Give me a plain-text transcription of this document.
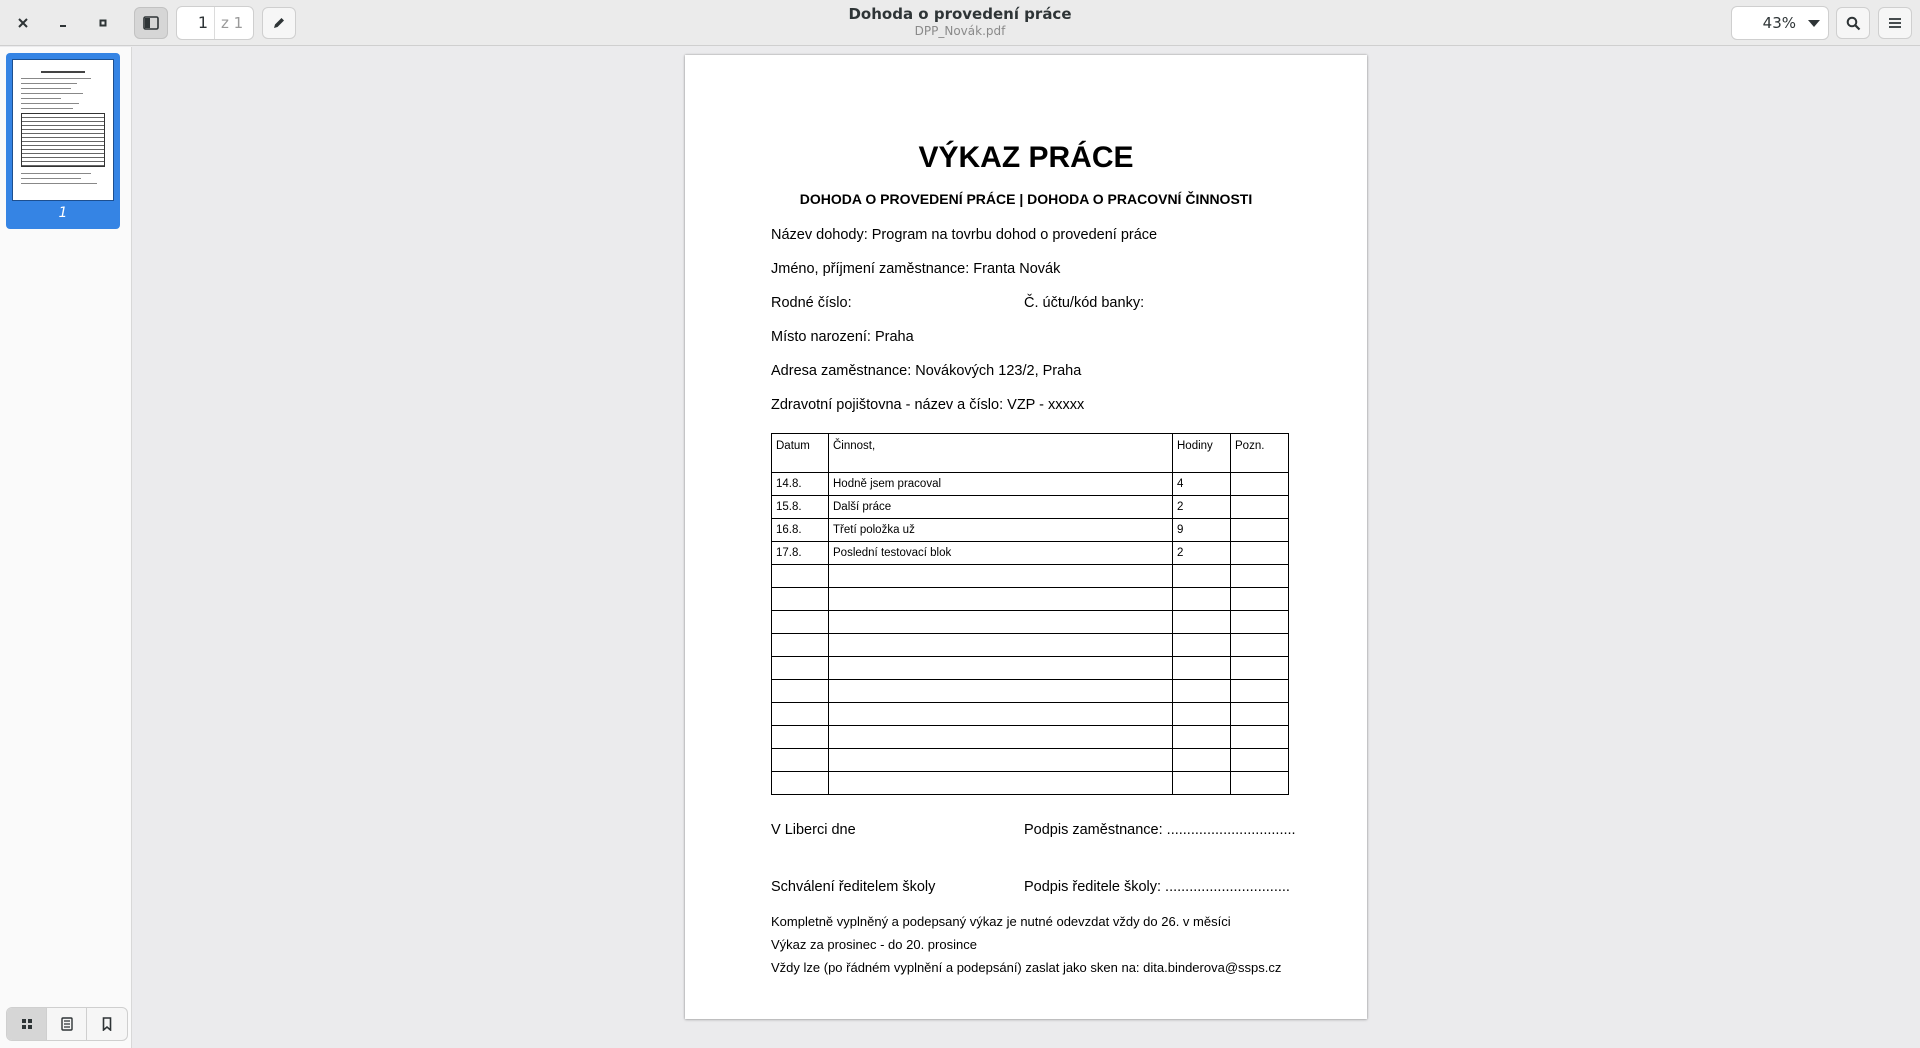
1 z 1	Dohoda o provedení práce
DPP_Novák.pdf	43%
1
VÝKAZ PRÁCE
DOHODA O PROVEDENÍ PRÁCE | DOHODA O PRACOVNÍ ČINNOSTI
Název dohody: Program na tovrbu dohod o provedení práce
Jméno, příjmení zaměstnance: Franta Novák
Rodné číslo:	Č. účtu/kód banky:
Místo narození: Praha
Adresa zaměstnance: Novákových 123/2, Praha
Zdravotní pojištovna - název a číslo: VZP - xxxxx
Datum	Činnost,	Hodiny	Pozn.
14.8.	Hodně jsem pracoval	4	
15.8.	Další práce	2	
16.8.	Třetí položka už	9	
17.8.	Poslední testovací blok	2	

V Liberci dne	Podpis zaměstnance: ................................
Schválení ředitelem školy	Podpis ředitele školy: ...............................
Kompletně vyplněný a podepsaný výkaz je nutné odevzdat vždy do 26. v měsíci
Výkaz za prosinec - do 20. prosince
Vždy lze (po řádném vyplnění a podepsání) zaslat jako sken na: dita.binderova@ssps.cz
